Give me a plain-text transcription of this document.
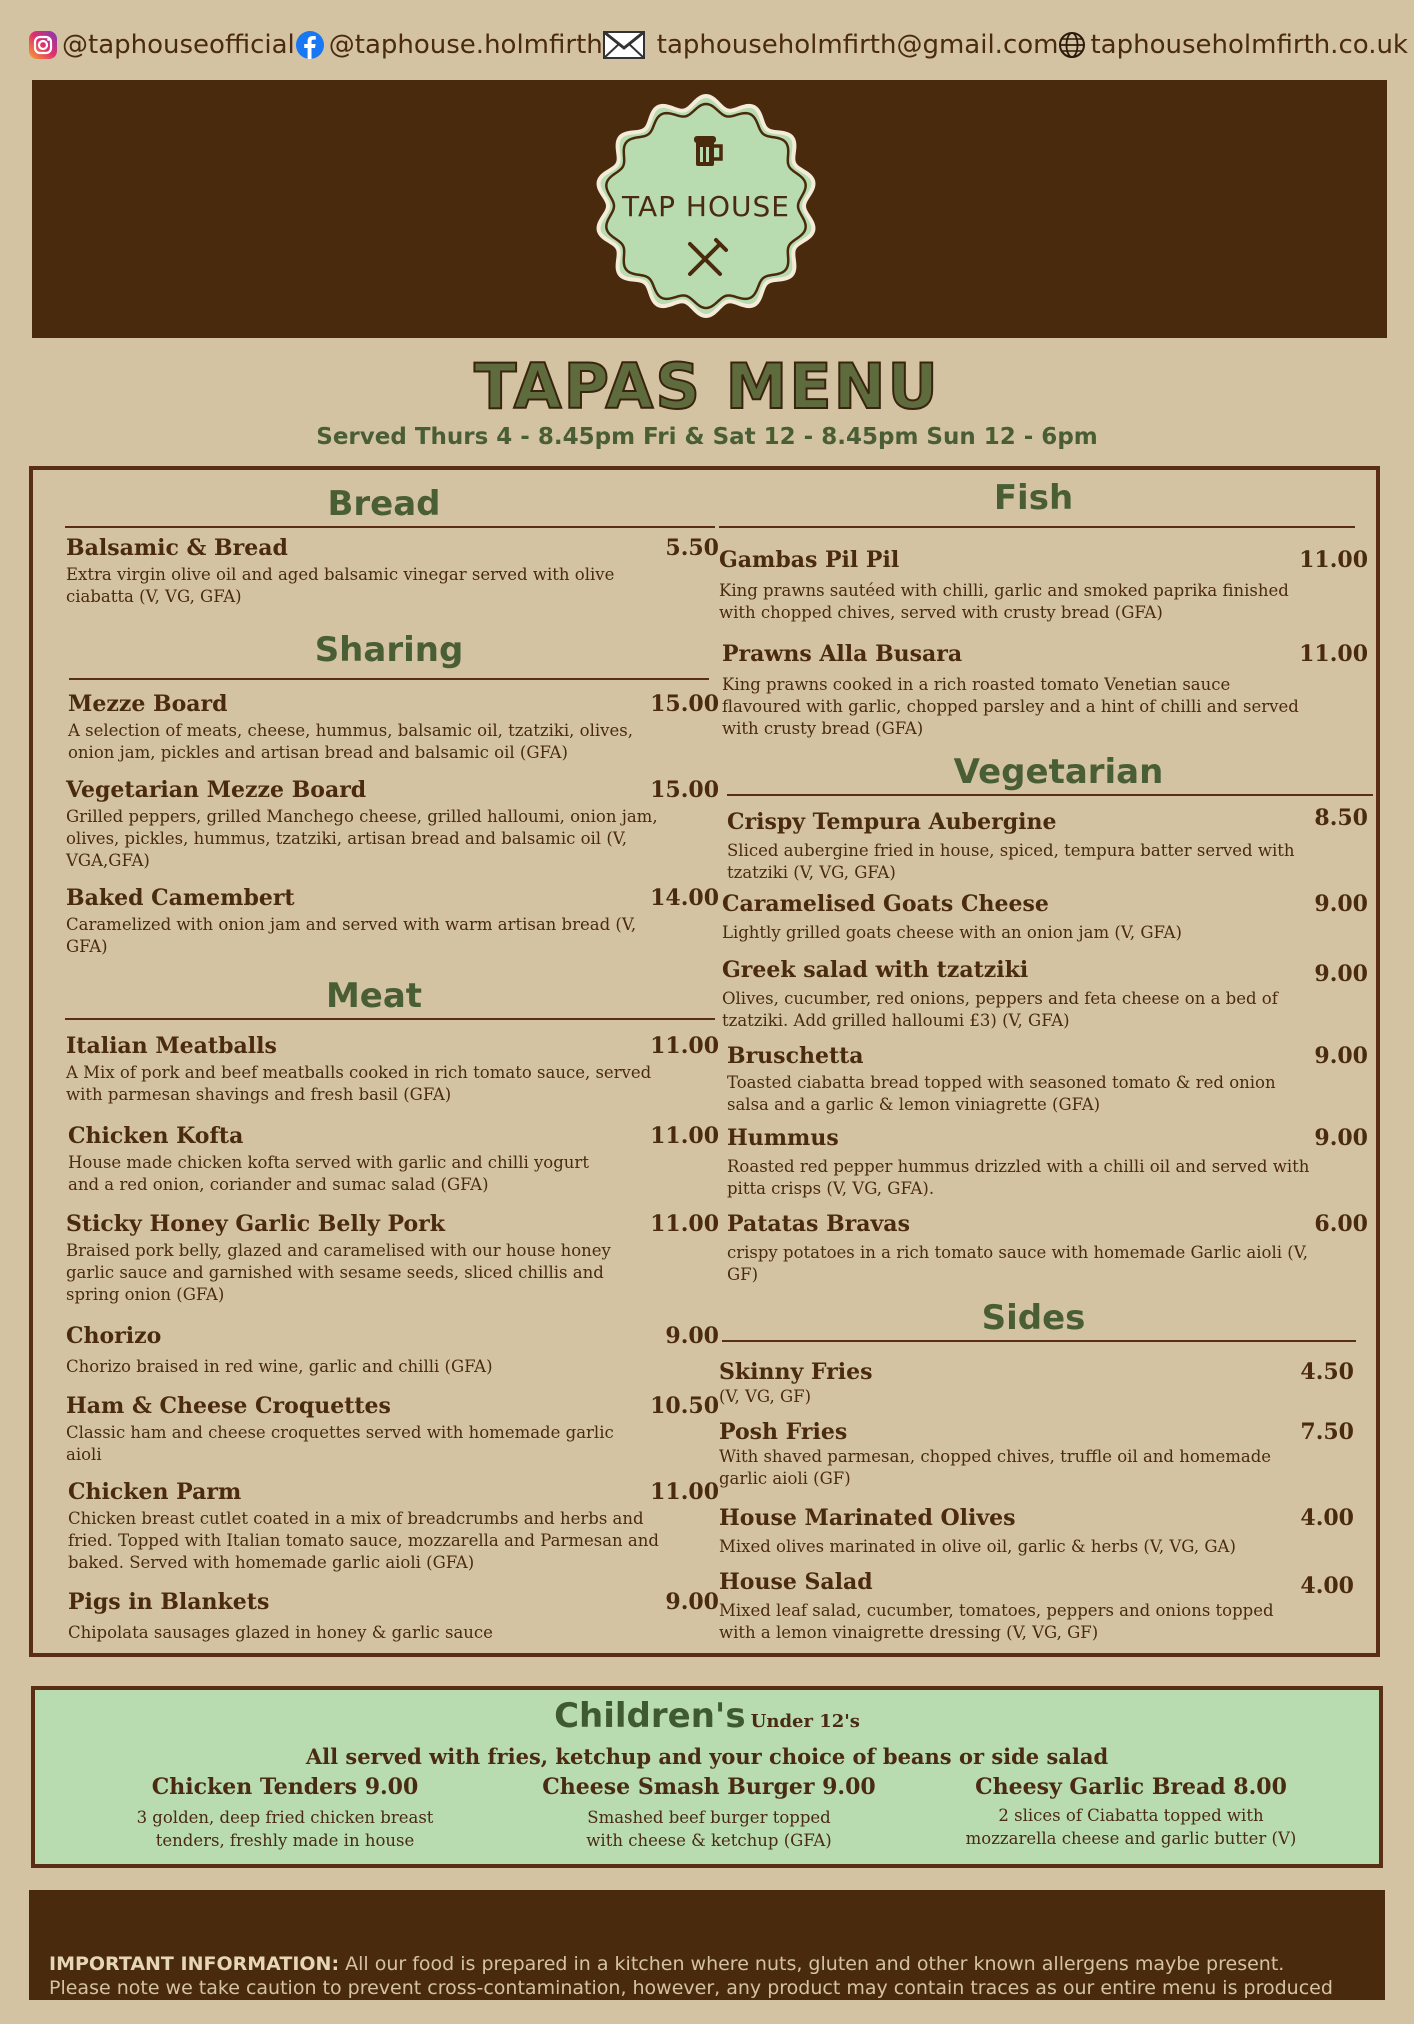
@taphouseofficial @taphouse.holmfirth taphouseholmfirth@gmail.com taphouseholmfirth.co.uk
TAP HOUSE
TAPAS MENU
Served Thurs 4 - 8.45pm Fri & Sat 12 - 8.45pm Sun 12 - 6pm
Bread
Balsamic & Bread	5.50
Extra virgin olive oil and aged balsamic vinegar served with olive ciabatta (V, VG, GFA)
Sharing
Mezze Board	15.00
A selection of meats, cheese, hummus, balsamic oil, tzatziki, olives, onion jam, pickles and artisan bread and balsamic oil (GFA)
Vegetarian Mezze Board	15.00
Grilled peppers, grilled Manchego cheese, grilled halloumi, onion jam, olives, pickles, hummus, tzatziki, artisan bread and balsamic oil (V, VGA,GFA)
Baked Camembert	14.00
Caramelized with onion jam and served with warm artisan bread (V, GFA)
Meat
Italian Meatballs	11.00
A Mix of pork and beef meatballs cooked in rich tomato sauce, served with parmesan shavings and fresh basil (GFA)
Chicken Kofta	11.00
House made chicken kofta served with garlic and chilli yogurt and a red onion, coriander and sumac salad (GFA)
Sticky Honey Garlic Belly Pork	11.00
Braised pork belly, glazed and caramelised with our house honey garlic sauce and garnished with sesame seeds, sliced chillis and spring onion (GFA)
Chorizo	9.00
Chorizo braised in red wine, garlic and chilli (GFA)
Ham & Cheese Croquettes	10.50
Classic ham and cheese croquettes served with homemade garlic aioli
Chicken Parm	11.00
Chicken breast cutlet coated in a mix of breadcrumbs and herbs and fried. Topped with Italian tomato sauce, mozzarella and Parmesan and baked. Served with homemade garlic aioli (GFA)
Pigs in Blankets	9.00
Chipolata sausages glazed in honey & garlic sauce
Fish
Gambas Pil Pil	11.00
King prawns sautéed with chilli, garlic and smoked paprika finished with chopped chives, served with crusty bread (GFA)
Prawns Alla Busara	11.00
King prawns cooked in a rich roasted tomato Venetian sauce flavoured with garlic, chopped parsley and a hint of chilli and served with crusty bread (GFA)
Vegetarian
Crispy Tempura Aubergine	8.50
Sliced aubergine fried in house, spiced, tempura batter served with tzatziki (V, VG, GFA)
Caramelised Goats Cheese	9.00
Lightly grilled goats cheese with an onion jam (V, GFA)
Greek salad with tzatziki	9.00
Olives, cucumber, red onions, peppers and feta cheese on a bed of tzatziki. Add grilled halloumi £3) (V, GFA)
Bruschetta	9.00
Toasted ciabatta bread topped with seasoned tomato & red onion salsa and a garlic & lemon viniagrette (GFA)
Hummus	9.00
Roasted red pepper hummus drizzled with a chilli oil and served with pitta crisps (V, VG, GFA).
Patatas Bravas	6.00
crispy potatoes in a rich tomato sauce with homemade Garlic aioli (V, GF)
Sides
Skinny Fries	4.50
(V, VG, GF)
Posh Fries	7.50
With shaved parmesan, chopped chives, truffle oil and homemade garlic aioli (GF)
House Marinated Olives	4.00
Mixed olives marinated in olive oil, garlic & herbs (V, VG, GA)
House Salad	4.00
Mixed leaf salad, cucumber, tomatoes, peppers and onions topped with a lemon vinaigrette dressing (V, VG, GF)
Children's Under 12's
All served with fries, ketchup and your choice of beans or side salad
Chicken Tenders 9.00
3 golden, deep fried chicken breast tenders, freshly made in house
Cheese Smash Burger 9.00
Smashed beef burger topped with cheese & ketchup (GFA)
Cheesy Garlic Bread 8.00
2 slices of Ciabatta topped with mozzarella cheese and garlic butter (V)
IMPORTANT INFORMATION: All our food is prepared in a kitchen where nuts, gluten and other known allergens maybe present. Please note we take caution to prevent cross-contamination, however, any product may contain traces as our entire menu is produced in the
